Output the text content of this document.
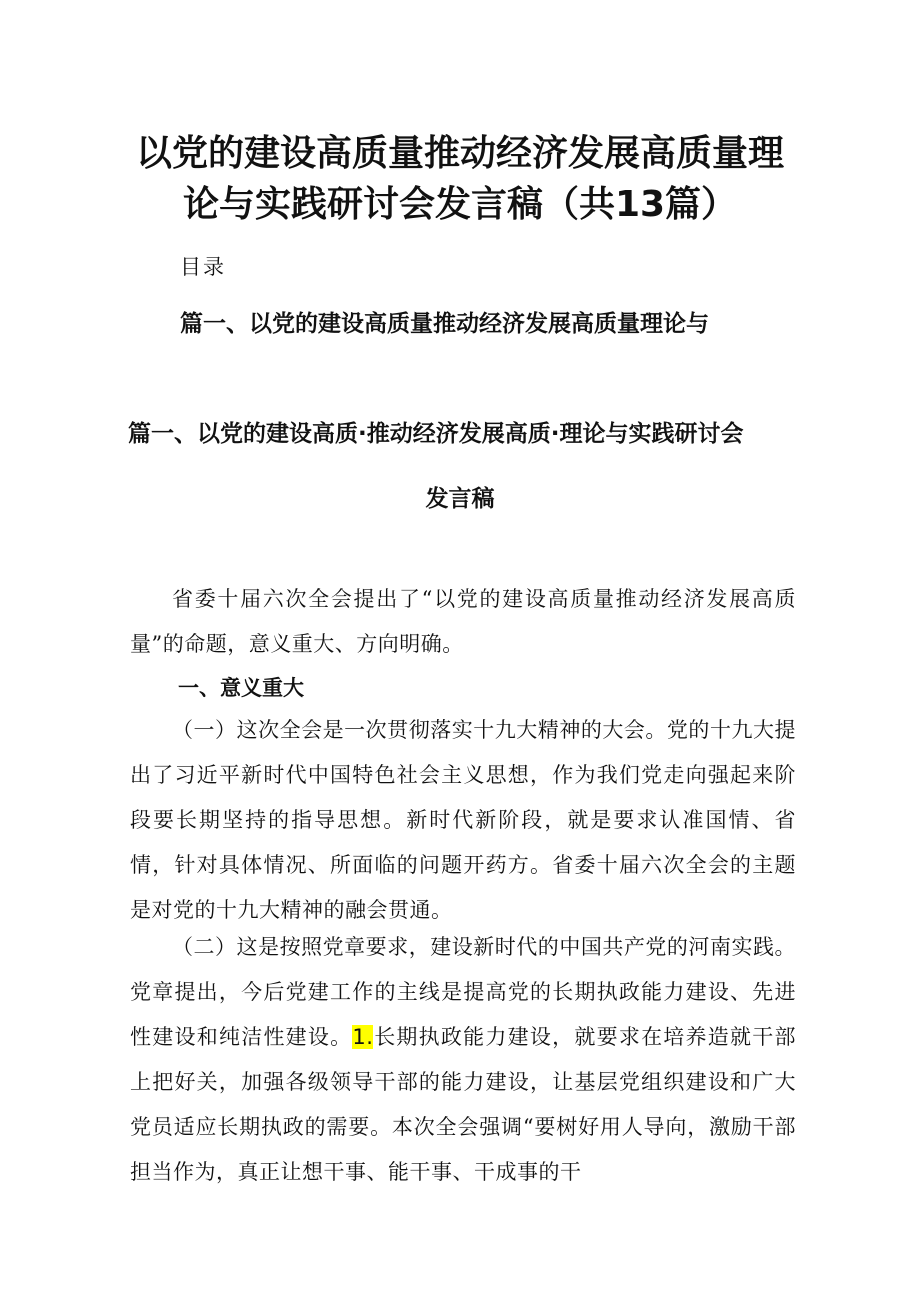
以党的建设高质量推动经济发展高质量理
论与实践研讨会发言稿（共13篇）
目录
篇一、以党的建设高质量推动经济发展高质量理论与
篇一、以党的建设高质·推动经济发展高质·理论与实践研讨会
发言稿

省委十届六次全会提出了“以党的建设高质量推动经济发展高质量”的命题，意义重大、方向明确。

一、意义重大

（一）这次全会是一次贯彻落实十九大精神的大会。党的十九大提出了习近平新时代中国特色社会主义思想，作为我们党走向强起来阶段要长期坚持的指导思想。新时代新阶段，就是要求认准国情、省情，针对具体情况、所面临的问题开药方。省委十届六次全会的主题是对党的十九大精神的融会贯通。

（二）这是按照党章要求，建设新时代的中国共产党的河南实践。党章提出，今后党建工作的主线是提高党的长期执政能力建设、先进性建设和纯洁性建设。1.长期执政能力建设，就要求在培养造就干部上把好关，加强各级领导干部的能力建设，让基层党组织建设和广大党员适应长期执政的需要。本次全会强调“要树好用人导向，激励干部担当作为，真正让想干事、能干事、干成事的干
